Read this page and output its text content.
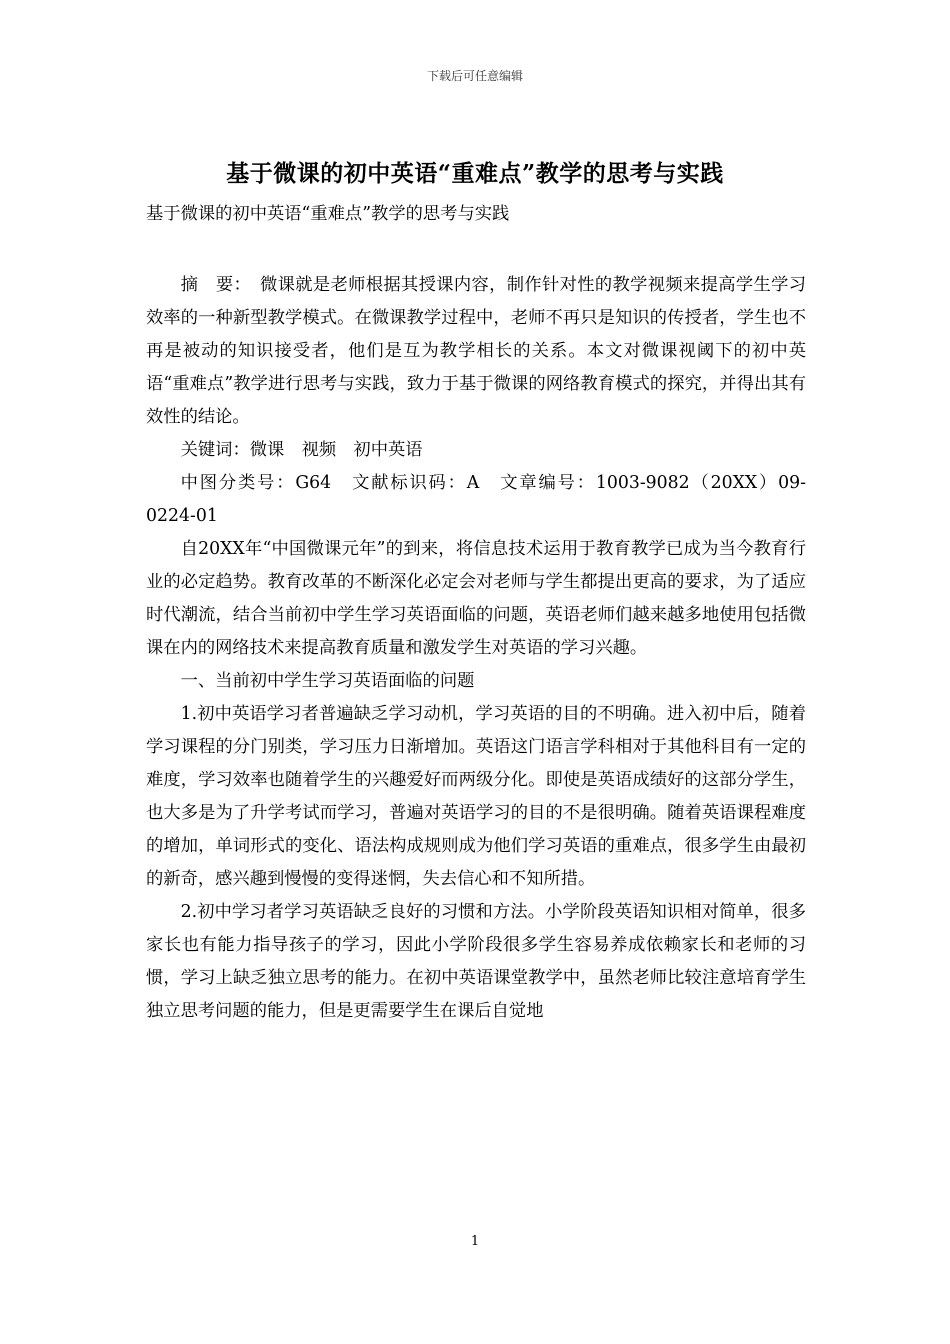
下载后可任意编辑
基于微课的初中英语“重难点”教学的思考与实践

基于微课的初中英语“重难点”教学的思考与实践

摘　要：　微课就是老师根据其授课内容，制作针对性的教学视频来提高学生学习效率的一种新型教学模式。在微课教学过程中，老师不再只是知识的传授者，学生也不再是被动的知识接受者，他们是互为教学相长的关系。本文对微课视阈下的初中英语“重难点”教学进行思考与实践，致力于基于微课的网络教育模式的探究，并得出其有效性的结论。

关键词：微课　视频　初中英语

中图分类号：G64　文献标识码：A　文章编号：1003-9082（20XX）09-0224-01

自20XX年“中国微课元年”的到来，将信息技术运用于教育教学已成为当今教育行业的必定趋势。教育改革的不断深化必定会对老师与学生都提出更高的要求，为了适应时代潮流，结合当前初中学生学习英语面临的问题，英语老师们越来越多地使用包括微课在内的网络技术来提高教育质量和激发学生对英语的学习兴趣。

一、当前初中学生学习英语面临的问题

1.初中英语学习者普遍缺乏学习动机，学习英语的目的不明确。进入初中后，随着学习课程的分门别类，学习压力日渐增加。英语这门语言学科相对于其他科目有一定的难度，学习效率也随着学生的兴趣爱好而两级分化。即使是英语成绩好的这部分学生，也大多是为了升学考试而学习，普遍对英语学习的目的不是很明确。随着英语课程难度的增加，单词形式的变化、语法构成规则成为他们学习英语的重难点，很多学生由最初的新奇，感兴趣到慢慢的变得迷惘，失去信心和不知所措。

2.初中学习者学习英语缺乏良好的习惯和方法。小学阶段英语知识相对简单，很多家长也有能力指导孩子的学习，因此小学阶段很多学生容易养成依赖家长和老师的习惯，学习上缺乏独立思考的能力。在初中英语课堂教学中，虽然老师比较注意培育学生独立思考问题的能力，但是更需要学生在课后自觉地

1
